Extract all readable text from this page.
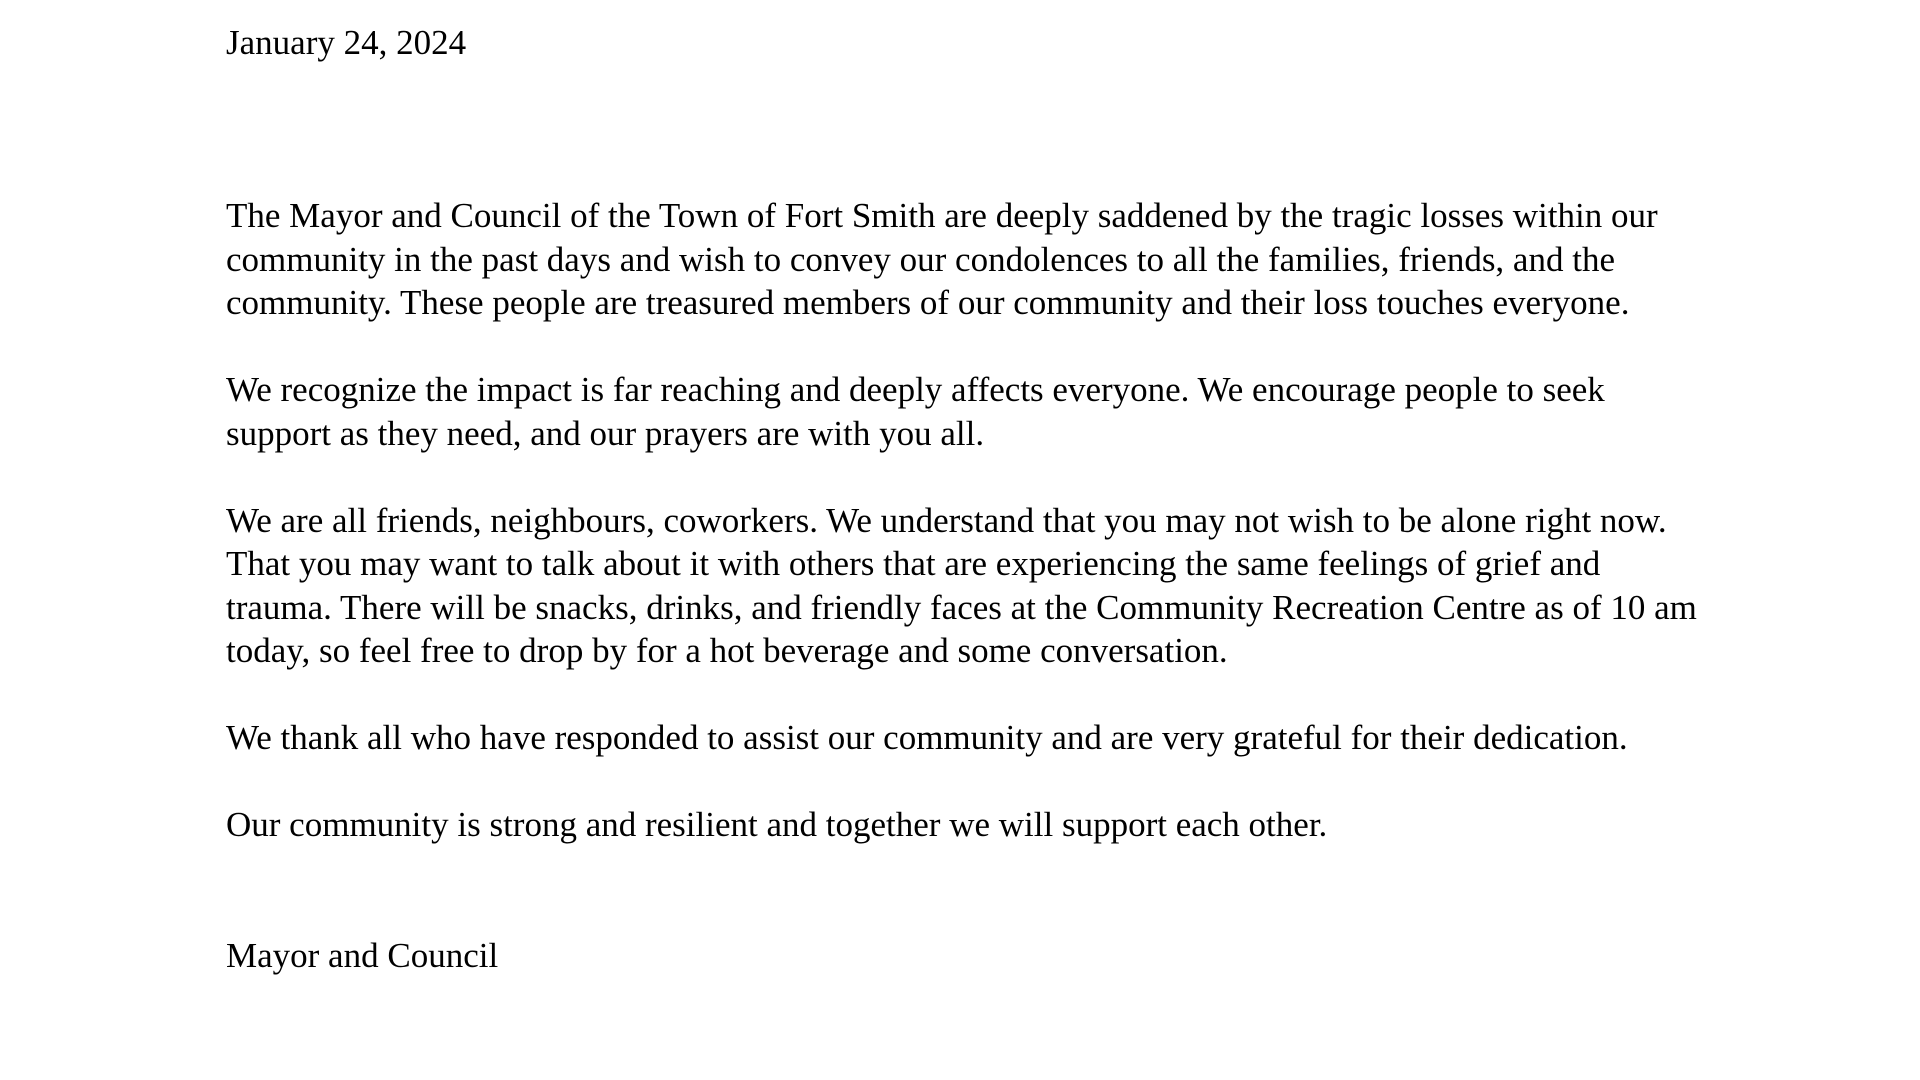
January 24, 2024

The Mayor and Council of the Town of Fort Smith are deeply saddened by the tragic losses within our community in the past days and wish to convey our condolences to all the families, friends, and the community. These people are treasured members of our community and their loss touches everyone.

We recognize the impact is far reaching and deeply affects everyone. We encourage people to seek support as they need, and our prayers are with you all.

We are all friends, neighbours, coworkers. We understand that you may not wish to be alone right now. That you may want to talk about it with others that are experiencing the same feelings of grief and trauma. There will be snacks, drinks, and friendly faces at the Community Recreation Centre as of 10 am today, so feel free to drop by for a hot beverage and some conversation.

We thank all who have responded to assist our community and are very grateful for their dedication.

Our community is strong and resilient and together we will support each other.

Mayor and Council
